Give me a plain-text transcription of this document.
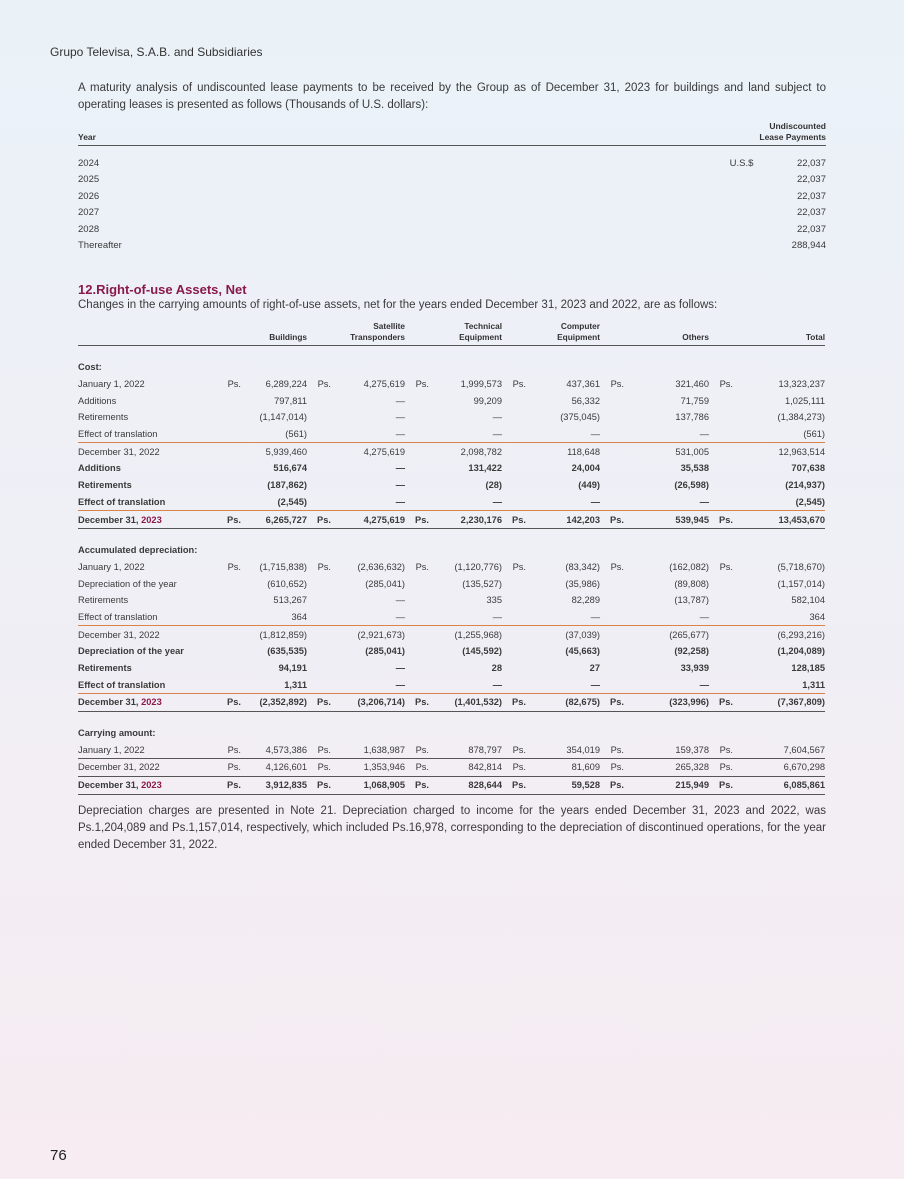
Grupo Televisa, S.A.B. and Subsidiaries
A maturity analysis of undiscounted lease payments to be received by the Group as of December 31, 2023 for buildings and land subject to operating leases is presented as follows (Thousands of U.S. dollars):
Year		Undiscounted
Lease Payments

2024	U.S.$	22,037
2025		22,037
2026		22,037
2027		22,037
2028		22,037
Thereafter		288,944
12.Right-of-use Assets, Net
Changes in the carrying amounts of right-of-use assets, net for the years ended December 31, 2023 and 2022, are as follows:
	Buildings		Satellite
Transponders		Technical
Equipment		Computer
Equipment		Others		Total	

Cost:												
January 1, 2022	Ps.	6,289,224	Ps.	4,275,619	Ps.	1,999,573	Ps.	437,361	Ps.	321,460	Ps.	13,323,237
Additions		797,811		—		99,209		56,332		71,759		1,025,111
Retirements		(1,147,014)		—		—		(375,045)		137,786		(1,384,273)
Effect of translation		(561)		—		—		—		—		(561)
December 31, 2022		5,939,460		4,275,619		2,098,782		118,648		531,005		12,963,514
Additions		516,674		—		131,422		24,004		35,538		707,638
Retirements		(187,862)		—		(28)		(449)		(26,598)		(214,937)
Effect of translation		(2,545)		—		—		—		—		(2,545)
December 31, 2023	Ps.	6,265,727	Ps.	4,275,619	Ps.	2,230,176	Ps.	142,203	Ps.	539,945	Ps.	13,453,670

Accumulated depreciation:												
January 1, 2022	Ps.	(1,715,838)	Ps.	(2,636,632)	Ps.	(1,120,776)	Ps.	(83,342)	Ps.	(162,082)	Ps.	(5,718,670)
Depreciation of the year		(610,652)		(285,041)		(135,527)		(35,986)		(89,808)		(1,157,014)
Retirements		513,267		—		335		82,289		(13,787)		582,104
Effect of translation		364		—		—		—		—		364
December 31, 2022		(1,812,859)		(2,921,673)		(1,255,968)		(37,039)		(265,677)		(6,293,216)
Depreciation of the year		(635,535)		(285,041)		(145,592)		(45,663)		(92,258)		(1,204,089)
Retirements		94,191		—		28		27		33,939		128,185
Effect of translation		1,311		—		—		—		—		1,311
December 31, 2023	Ps.	(2,352,892)	Ps.	(3,206,714)	Ps.	(1,401,532)	Ps.	(82,675)	Ps.	(323,996)	Ps.	(7,367,809)

Carrying amount:												
January 1, 2022	Ps.	4,573,386	Ps.	1,638,987	Ps.	878,797	Ps.	354,019	Ps.	159,378	Ps.	7,604,567
December 31, 2022	Ps.	4,126,601	Ps.	1,353,946	Ps.	842,814	Ps.	81,609	Ps.	265,328	Ps.	6,670,298
December 31, 2023	Ps.	3,912,835	Ps.	1,068,905	Ps.	828,644	Ps.	59,528	Ps.	215,949	Ps.	6,085,861
Depreciation charges are presented in Note 21. Depreciation charged to income for the years ended December 31, 2023 and 2022, was Ps.1,204,089 and Ps.1,157,014, respectively, which included Ps.16,978, corresponding to the depreciation of discontinued operations, for the year ended December 31, 2022.
76
